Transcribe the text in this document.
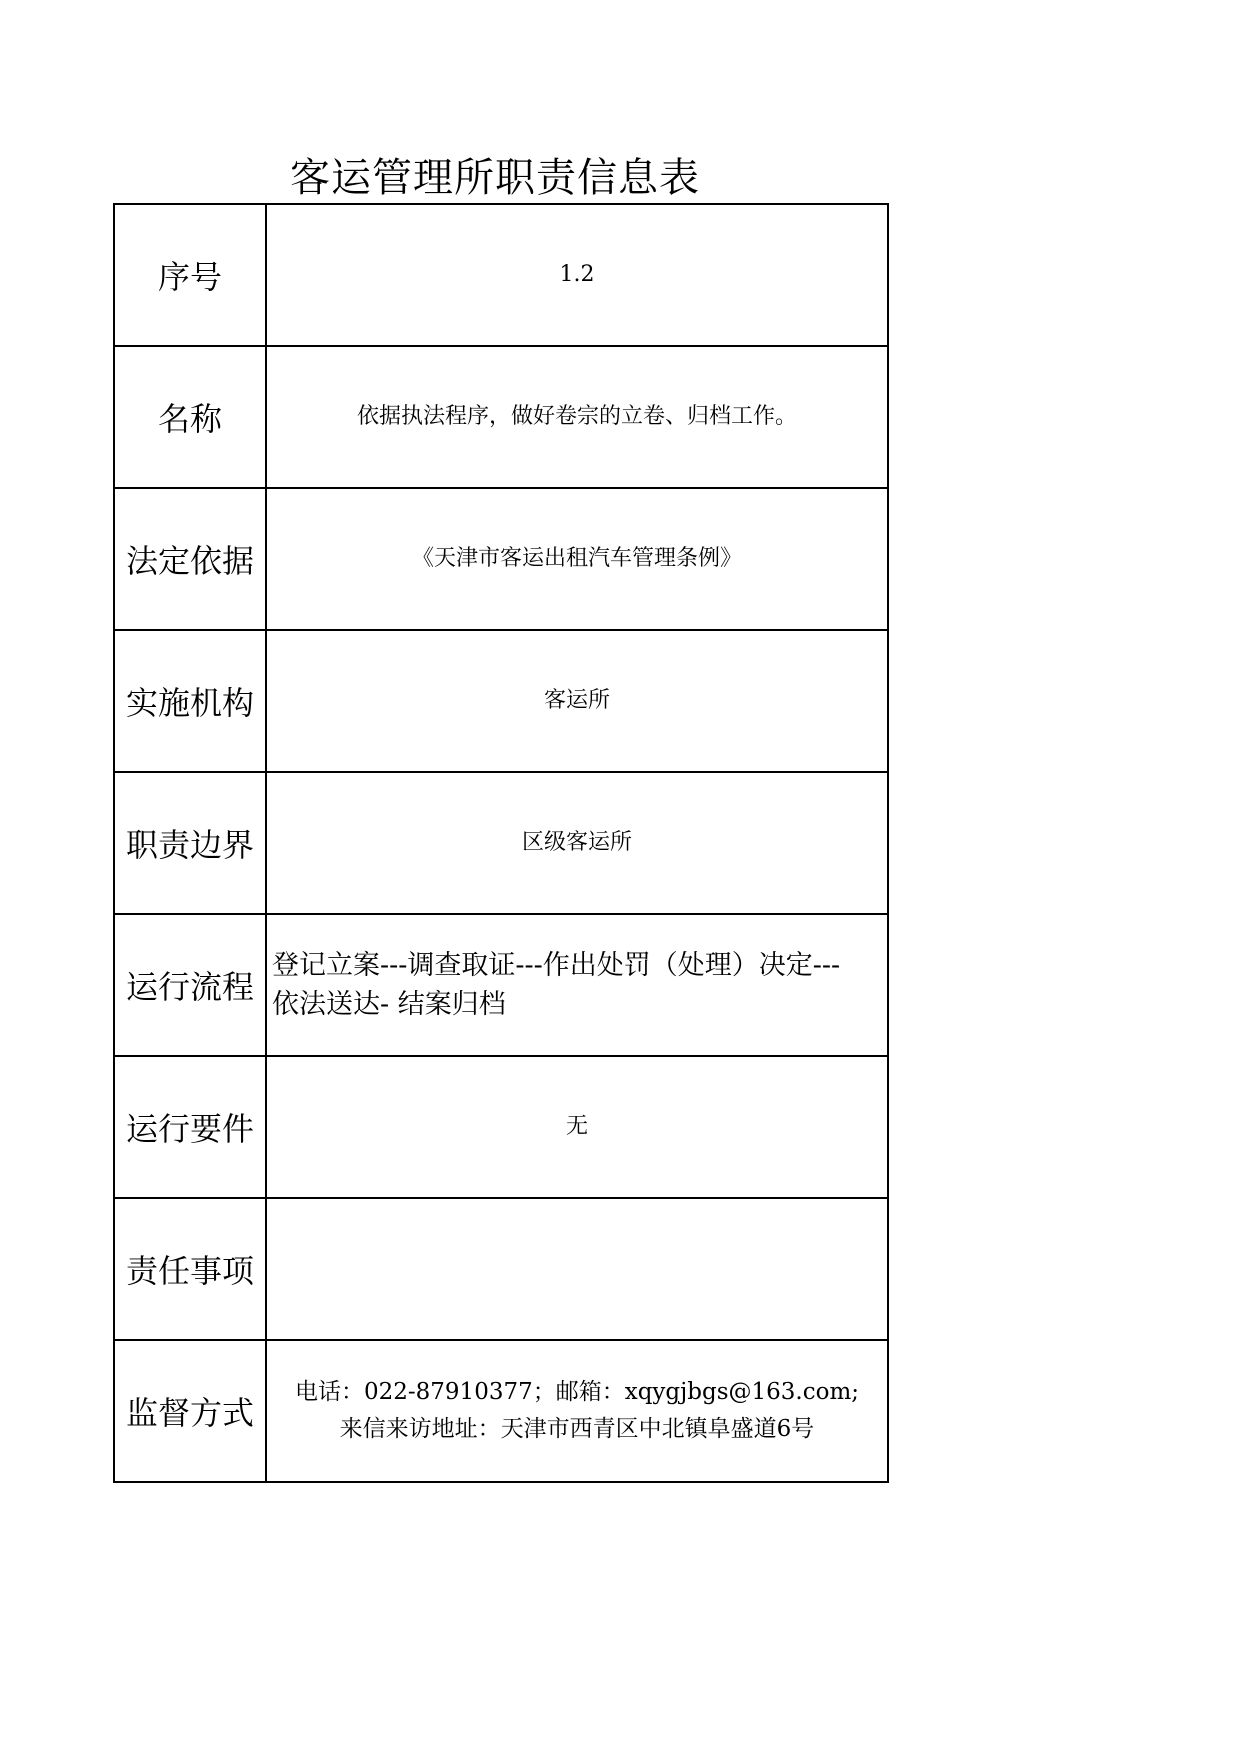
客运管理所职责信息表
序号	1.2
名称	依据执法程序，做好卷宗的立卷、归档工作。
法定依据	《天津市客运出租汽车管理条例》
实施机构	客运所
职责边界	区级客运所
运行流程	登记立案---调查取证---作出处罚（处理）决定---依法送达- 结案归档
运行要件	无
责任事项	
监督方式	电话：022-87910377；邮箱：xqygjbgs@163.com;
来信来访地址：天津市西青区中北镇阜盛道6号
